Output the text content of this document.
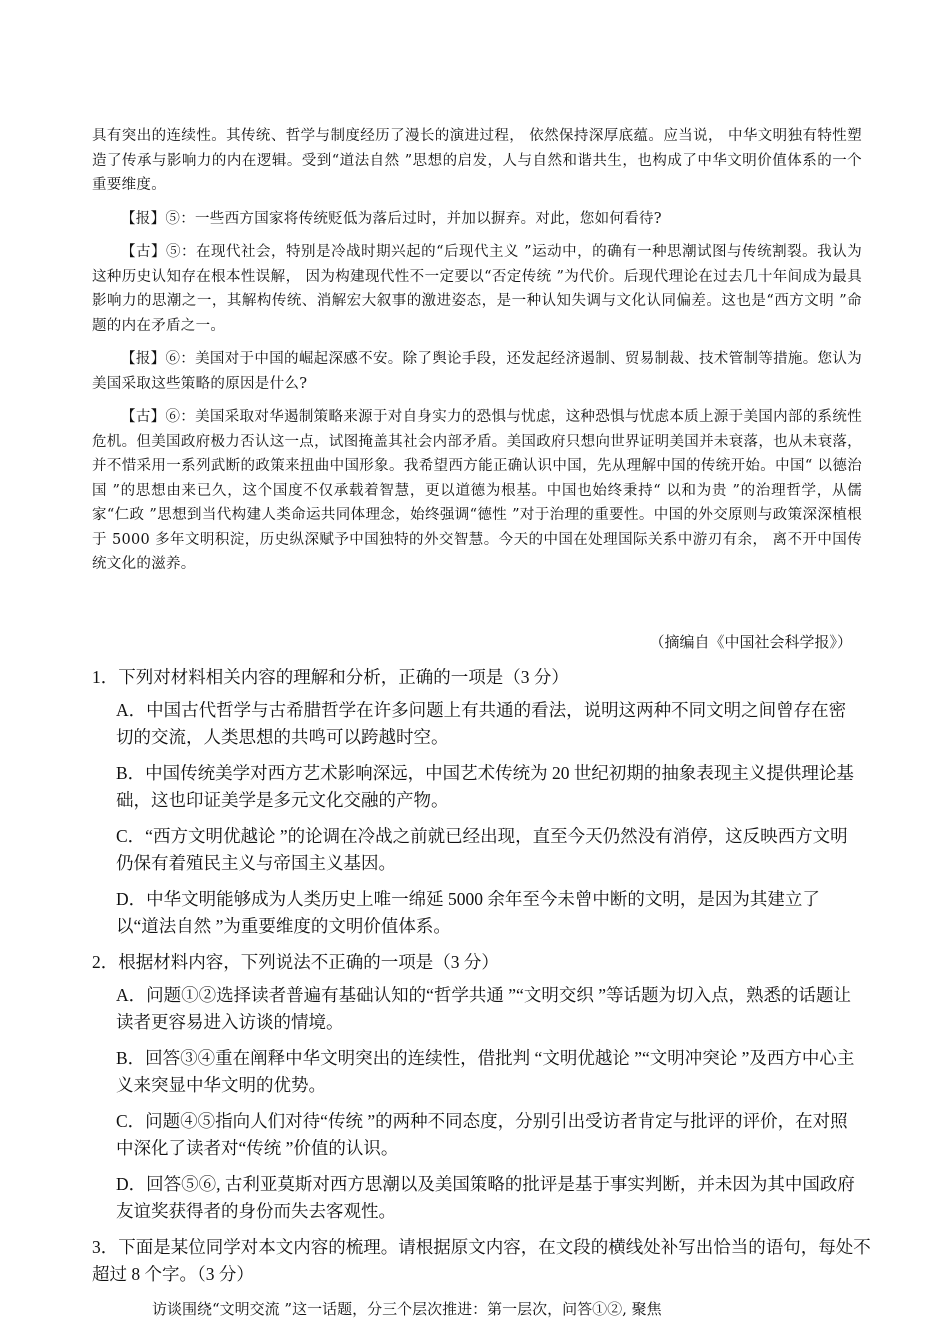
具有突出的连续性。其传统、哲学与制度经历了漫长的演进过程， 依然保持深厚底蕴。应当说， 中华文明独有特性塑造了传承与影响力的内在逻辑。受到“道法自然 ”思想的启发，人与自然和谐共生，也构成了中华文明价值体系的一个重要维度。

【报】⑤：一些西方国家将传统贬低为落后过时，并加以摒弃。对此，您如何看待?

【古】⑤：在现代社会，特别是冷战时期兴起的“后现代主义 ”运动中，的确有一种思潮试图与传统割裂。我认为这种历史认知存在根本性误解， 因为构建现代性不一定要以“否定传统 ”为代价。后现代理论在过去几十年间成为最具影响力的思潮之一，其解构传统、消解宏大叙事的激进姿态，是一种认知失调与文化认同偏差。这也是“西方文明 ”命题的内在矛盾之一。

【报】⑥：美国对于中国的崛起深感不安。除了舆论手段，还发起经济遏制、贸易制裁、技术管制等措施。您认为美国采取这些策略的原因是什么?

【古】⑥：美国采取对华遏制策略来源于对自身实力的恐惧与忧虑，这种恐惧与忧虑本质上源于美国内部的系统性危机。但美国政府极力否认这一点，试图掩盖其社会内部矛盾。美国政府只想向世界证明美国并未衰落，也从未衰落，并不惜采用一系列武断的政策来扭曲中国形象。我希望西方能正确认识中国，先从理解中国的传统开始。中国“ 以德治国 ”的思想由来已久，这个国度不仅承载着智慧，更以道德为根基。中国也始终秉持“ 以和为贵 ”的治理哲学，从儒家“仁政 ”思想到当代构建人类命运共同体理念，始终强调“德性 ”对于治理的重要性。中国的外交原则与政策深深植根于 5000 多年文明积淀，历史纵深赋予中国独特的外交智慧。今天的中国在处理国际关系中游刃有余， 离不开中国传统文化的滋养。

（摘编自《中国社会科学报》）
1．下列对材料相关内容的理解和分析，正确的一项是（3 分）
A．中国古代哲学与古希腊哲学在许多问题上有共通的看法，说明这两种不同文明之间曾存在密切的交流，人类思想的共鸣可以跨越时空。
B．中国传统美学对西方艺术影响深远，中国艺术传统为 20 世纪初期的抽象表现主义提供理论基础，这也印证美学是多元文化交融的产物。
C．“西方文明优越论 ”的论调在冷战之前就已经出现，直至今天仍然没有消停，这反映西方文明仍保有着殖民主义与帝国主义基因。
D．中华文明能够成为人类历史上唯一绵延 5000 余年至今未曾中断的文明，是因为其建立了以“道法自然 ”为重要维度的文明价值体系。
2．根据材料内容，下列说法不正确的一项是（3 分）
A．问题①②选择读者普遍有基础认知的“哲学共通 ”“文明交织 ”等话题为切入点，熟悉的话题让读者更容易进入访谈的情境。
B．回答③④重在阐释中华文明突出的连续性，借批判 “文明优越论 ”“文明冲突论 ”及西方中心主义来突显中华文明的优势。
C．问题④⑤指向人们对待“传统 ”的两种不同态度，分别引出受访者肯定与批评的评价，在对照中深化了读者对“传统 ”价值的认识。
D．回答⑤⑥, 古利亚莫斯对西方思潮以及美国策略的批评是基于事实判断，并未因为其中国政府友谊奖获得者的身份而失去客观性。
3．下面是某位同学对本文内容的梳理。请根据原文内容，在文段的横线处补写出恰当的语句，每处不超过 8 个字。（3 分）
访谈围绕“文明交流 ”这一话题，分三个层次推进：第一层次，问答①②, 聚焦
